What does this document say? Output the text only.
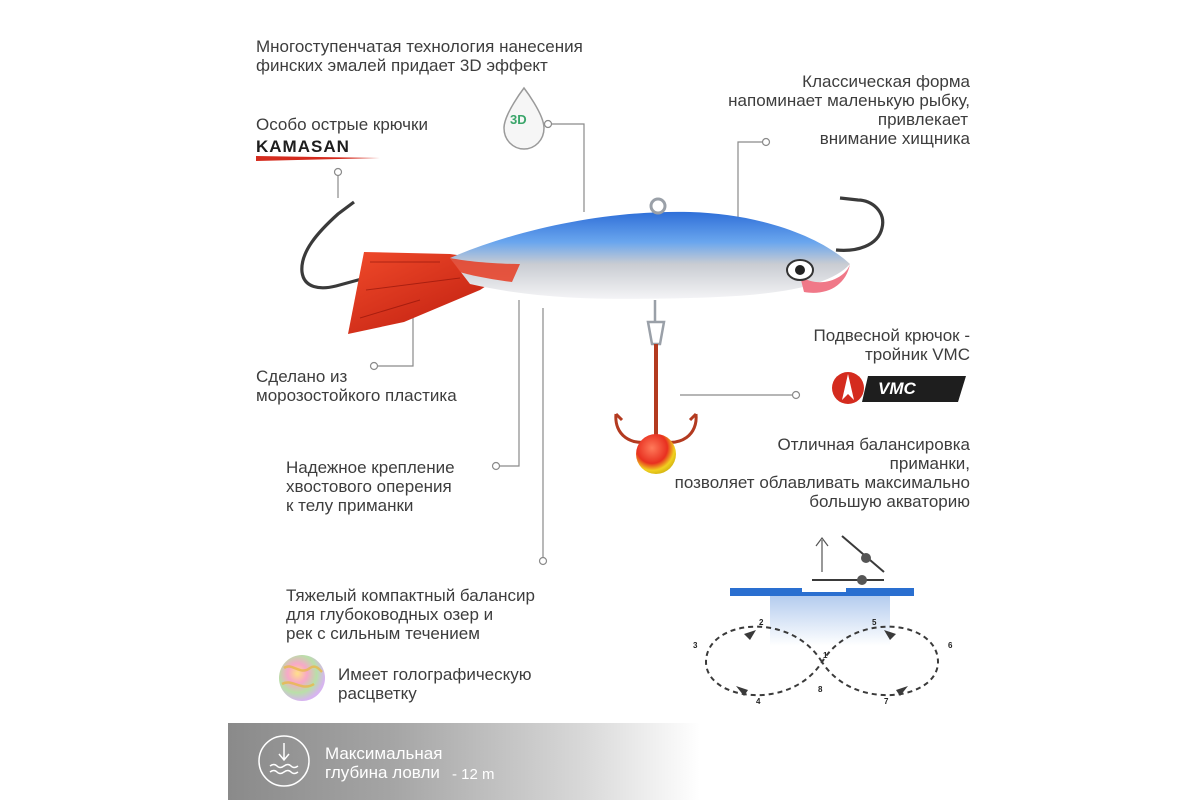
1
2
3
4
5
6
7
8
3D
Многоступенчатая технология нанесения
финских эмалей придает 3D эффект
Особо острые крючки
KAMASAN
Классическая форма
напоминает маленькую рыбку,
привлекает
внимание хищника
Сделано из
морозостойкого пластика
Подвесной крючок -
тройник VMC
VMC
Отличная балансировка
приманки,
позволяет облавливать максимально
большую акваторию
Надежное крепление
хвостового оперения
к телу приманки
Тяжелый компактный балансир
для глубоководных озер и
рек с сильным течением
Имеет голографическую
расцветку
Максимальная
глубина ловли - 12 m
